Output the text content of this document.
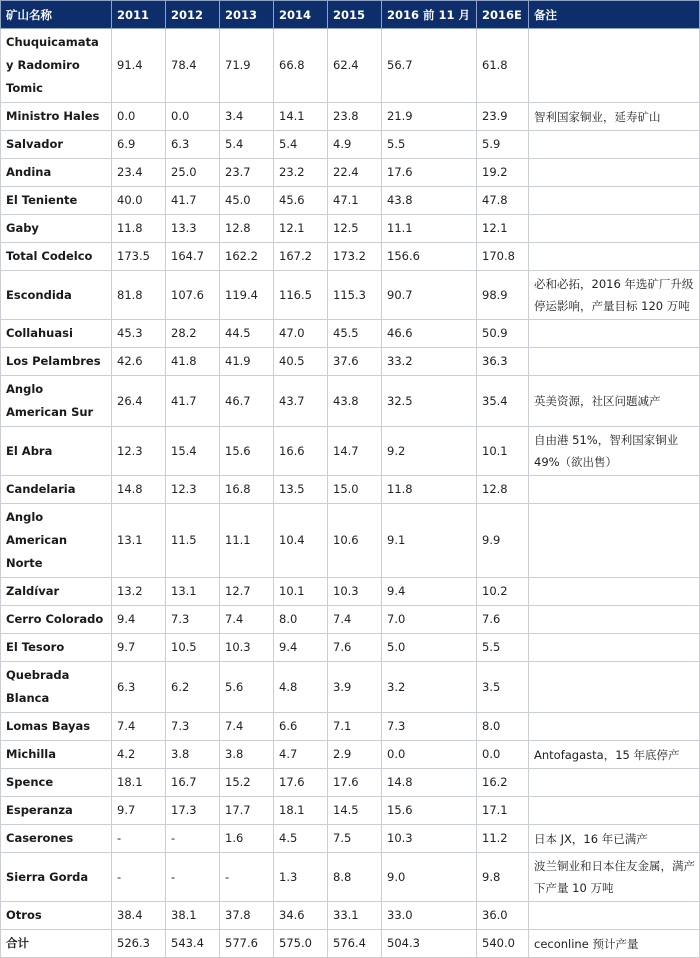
矿山名称	2011	2012	2013	2014	2015	2016 前 11 月	2016E	备注
Chuquicamata y Radomiro Tomic	91.4	78.4	71.9	66.8	62.4	56.7	61.8	
Ministro Hales	0.0	0.0	3.4	14.1	23.8	21.9	23.9	智利国家铜业，延寿矿山
Salvador	6.9	6.3	5.4	5.4	4.9	5.5	5.9	
Andina	23.4	25.0	23.7	23.2	22.4	17.6	19.2	
El Teniente	40.0	41.7	45.0	45.6	47.1	43.8	47.8	
Gaby	11.8	13.3	12.8	12.1	12.5	11.1	12.1	
Total Codelco	173.5	164.7	162.2	167.2	173.2	156.6	170.8	
Escondida	81.8	107.6	119.4	116.5	115.3	90.7	98.9	必和必拓，2016 年选矿厂升级停运影响，产量目标 120 万吨
Collahuasi	45.3	28.2	44.5	47.0	45.5	46.6	50.9	
Los Pelambres	42.6	41.8	41.9	40.5	37.6	33.2	36.3	
Anglo American Sur	26.4	41.7	46.7	43.7	43.8	32.5	35.4	英美资源，社区问题减产
El Abra	12.3	15.4	15.6	16.6	14.7	9.2	10.1	自由港 51%，智利国家铜业 49%（欲出售）
Candelaria	14.8	12.3	16.8	13.5	15.0	11.8	12.8	
Anglo American Norte	13.1	11.5	11.1	10.4	10.6	9.1	9.9	
Zaldívar	13.2	13.1	12.7	10.1	10.3	9.4	10.2	
Cerro Colorado	9.4	7.3	7.4	8.0	7.4	7.0	7.6	
El Tesoro	9.7	10.5	10.3	9.4	7.6	5.0	5.5	
Quebrada Blanca	6.3	6.2	5.6	4.8	3.9	3.2	3.5	
Lomas Bayas	7.4	7.3	7.4	6.6	7.1	7.3	8.0	
Michilla	4.2	3.8	3.8	4.7	2.9	0.0	0.0	Antofagasta，15 年底停产
Spence	18.1	16.7	15.2	17.6	17.6	14.8	16.2	
Esperanza	9.7	17.3	17.7	18.1	14.5	15.6	17.1	
Caserones	-	-	1.6	4.5	7.5	10.3	11.2	日本 JX，16 年已满产
Sierra Gorda	-	-	-	1.3	8.8	9.0	9.8	波兰铜业和日本住友金属，满产下产量 10 万吨
Otros	38.4	38.1	37.8	34.6	33.1	33.0	36.0	
合计	526.3	543.4	577.6	575.0	576.4	504.3	540.0	ceconline 预计产量
